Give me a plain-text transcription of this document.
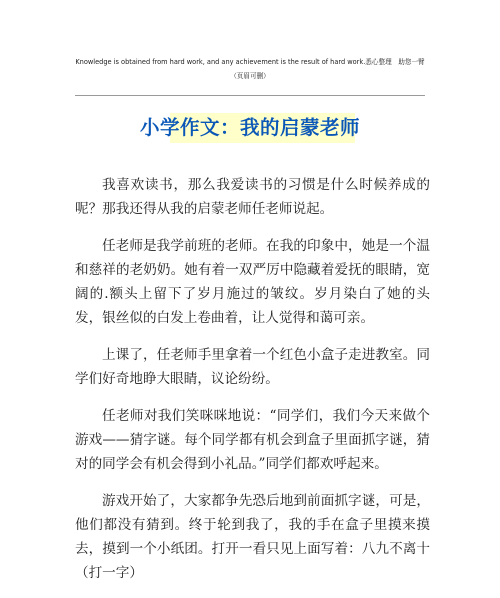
Knowledge is obtained from hard work, and any achievement is the result of hard work.悉心整理　助您一臂
（页眉可删）
小学作文：我的启蒙老师

我喜欢读书，那么我爱读书的习惯是什么时候养成的呢？那我还得从我的启蒙老师任老师说起。

任老师是我学前班的老师。在我的印象中，她是一个温和慈祥的老奶奶。她有着一双严厉中隐藏着爱抚的眼睛，宽阔的.额头上留下了岁月施过的皱纹。岁月染白了她的头发，银丝似的白发上卷曲着，让人觉得和蔼可亲。

上课了，任老师手里拿着一个红色小盒子走进教室。同学们好奇地睁大眼睛，议论纷纷。

任老师对我们笑咪咪地说：“同学们，我们今天来做个游戏——猜字谜。每个同学都有机会到盒子里面抓字谜，猜对的同学会有机会得到小礼品。”同学们都欢呼起来。

游戏开始了，大家都争先恐后地到前面抓字谜，可是，他们都没有猜到。终于轮到我了，我的手在盒子里摸来摸去，摸到一个小纸团。打开一看只见上面写着：八九不离十（打一字）
